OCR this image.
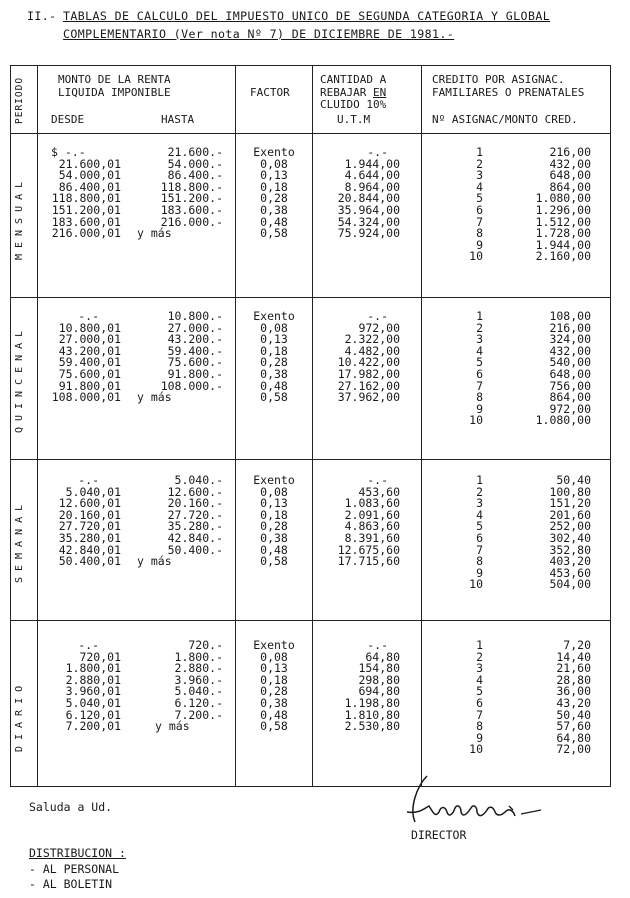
II.- TABLAS DE CALCULO DEL IMPUESTO UNICO DE SEGUNDA CATEGORIA Y GLOBAL
COMPLEMENTARIO (Ver nota Nº 7) DE DICIEMBRE DE 1981.-
PERIODO	MONTO DE LA RENTA
LIQUIDA IMPONIBLE
DESDE	HASTA
FACTOR
CANTIDAD A
REBAJAR EN
CLUIDO 10%
U.T.M
CREDITO POR ASIGNAC.
FAMILIARES O PRENATALES
Nº ASIGNAC/MONTO CRED.
MENSUAL
$ -.-
21.600,01
54.000,01
86.400,01
118.800,01
151.200,01
183.600,01
216.000,01
21.600.-
54.000.-
86.400.-
118.800.-
151.200.-
183.600.-
216.000.-
y más
Exento
0,08
0,13
0,18
0,28
0,38
0,48
0,58
-.-
1.944,00
4.644,00
8.964,00
20.844,00
35.964,00
54.324,00
75.924,00
1
2
3
4
5
6
7
8
9
10
216,00
432,00
648,00
864,00
1.080,00
1.296,00
1.512,00
1.728,00
1.944,00
2.160,00
QUINCENAL
-.-
10.800,01
27.000,01
43.200,01
59.400,01
75.600,01
91.800,01
108.000,01
10.800.-
27.000.-
43.200.-
59.400.-
75.600.-
91.800.-
108.000.-
y más
Exento
0,08
0,13
0,18
0,28
0,38
0,48
0,58
-.-
972,00
2.322,00
4.482,00
10.422,00
17.982,00
27.162,00
37.962,00
1
2
3
4
5
6
7
8
9
10
108,00
216,00
324,00
432,00
540,00
648,00
756,00
864,00
972,00
1.080,00
SEMANAL
-.-
5.040,01
12.600,01
20.160,01
27.720,01
35.280,01
42.840,01
50.400,01
5.040.-
12.600.-
20.160.-
27.720.-
35.280.-
42.840.-
50.400.-
y más
Exento
0,08
0,13
0,18
0,28
0,38
0,48
0,58
-.-
453,60
1.083,60
2.091,60
4.863,60
8.391,60
12.675,60
17.715,60
1
2
3
4
5
6
7
8
9
10
50,40
100,80
151,20
201,60
252,00
302,40
352,80
403,20
453,60
504,00
DIARIO
-.-
720,01
1.800,01
2.880,01
3.960,01
5.040,01
6.120,01
7.200,01
720.-
1.800.-
2.880.-
3.960.-
5.040.-
6.120.-
7.200.-
y más
Exento
0,08
0,13
0,18
0,28
0,38
0,48
0,58
-.-
64,80
154,80
298,80
694,80
1.198,80
1.810,80
2.530,80
1
2
3
4
5
6
7
8
9
10
7,20
14,40
21,60
28,80
36,00
43,20
50,40
57,60
64,80
72,00
Saluda a Ud.
DIRECTOR
DISTRIBUCION :
- AL PERSONAL
- AL BOLETIN
